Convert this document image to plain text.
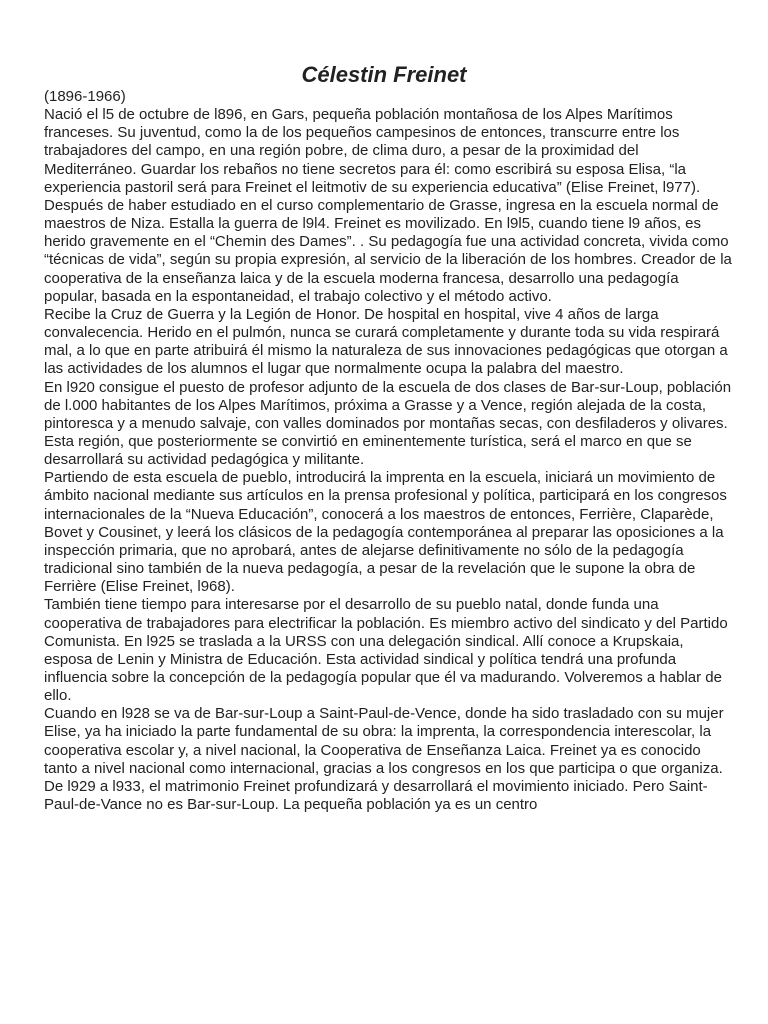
Célestin Freinet

(1896-1966)

Nació el l5 de octubre de l896, en Gars, pequeña población montañosa de los Alpes Marítimos franceses. Su juventud, como la de los pequeños campesinos de entonces, transcurre entre los trabajadores del campo, en una región pobre, de clima duro, a pesar de la proximidad del Mediterráneo. Guardar los rebaños no tiene secretos para él: como escribirá su esposa Elisa, “la experiencia pastoril será para Freinet el leitmotiv de su experiencia educativa” (Elise Freinet, l977). Después de haber estudiado en el curso complementario de Grasse, ingresa en la escuela normal de maestros de Niza. Estalla la guerra de l9l4. Freinet es movilizado. En l9l5, cuando tiene l9 años, es herido gravemente en el “Chemin des Dames”. . Su pedagogía fue una actividad concreta, vivida como “técnicas de vida”, según su propia expresión, al servicio de la liberación de los hombres. Creador de la cooperativa de la enseñanza laica y de la escuela moderna francesa, desarrollo una pedagogía popular, basada en la espontaneidad, el trabajo colectivo y el método activo.

Recibe la Cruz de Guerra y la Legión de Honor. De hospital en hospital, vive 4 años de larga convalecencia. Herido en el pulmón, nunca se curará completamente y durante toda su vida respirará mal, a lo que en parte atribuirá él mismo la naturaleza de sus innovaciones pedagógicas que otorgan a las actividades de los alumnos el lugar que normalmente ocupa la palabra del maestro.

En l920 consigue el puesto de profesor adjunto de la escuela de dos clases de Bar-sur-Loup, población de l.000 habitantes de los Alpes Marítimos, próxima a Grasse y a Vence, región alejada de la costa, pintoresca y a menudo salvaje, con valles dominados por montañas secas, con desfiladeros y olivares. Esta región, que posteriormente se convirtió en eminentemente turística, será el marco en que se desarrollará su actividad pedagógica y militante.

Partiendo de esta escuela de pueblo, introducirá la imprenta en la escuela, iniciará un movimiento de ámbito nacional mediante sus artículos en la prensa profesional y política, participará en los congresos internacionales de la “Nueva Educación”, conocerá a los maestros de entonces, Ferrière, Claparède, Bovet y Cousinet, y leerá los clásicos de la pedagogía contemporánea al preparar las oposiciones a la inspección primaria, que no aprobará, antes de alejarse definitivamente no sólo de la pedagogía tradicional sino también de la nueva pedagogía, a pesar de la revelación que le supone la obra de Ferrière (Elise Freinet, l968).

También tiene tiempo para interesarse por el desarrollo de su pueblo natal, donde funda una cooperativa de trabajadores para electrificar la población. Es miembro activo del sindicato y del Partido Comunista. En l925 se traslada a la URSS con una delegación sindical. Allí conoce a Krupskaia, esposa de Lenin y Ministra de Educación. Esta actividad sindical y política tendrá una profunda influencia sobre la concepción de la pedagogía popular que él va madurando. Volveremos a hablar de ello.

Cuando en l928 se va de Bar-sur-Loup a Saint-Paul-de-Vence, donde ha sido trasladado con su mujer Elise, ya ha iniciado la parte fundamental de su obra: la imprenta, la correspondencia interescolar, la cooperativa escolar y, a nivel nacional, la Cooperativa de Enseñanza Laica. Freinet ya es conocido tanto a nivel nacional como internacional, gracias a los congresos en los que participa o que organiza.

De l929 a l933, el matrimonio Freinet profundizará y desarrollará el movimiento iniciado. Pero Saint-Paul-de-Vance no es Bar-sur-Loup. La pequeña población ya es un centro
